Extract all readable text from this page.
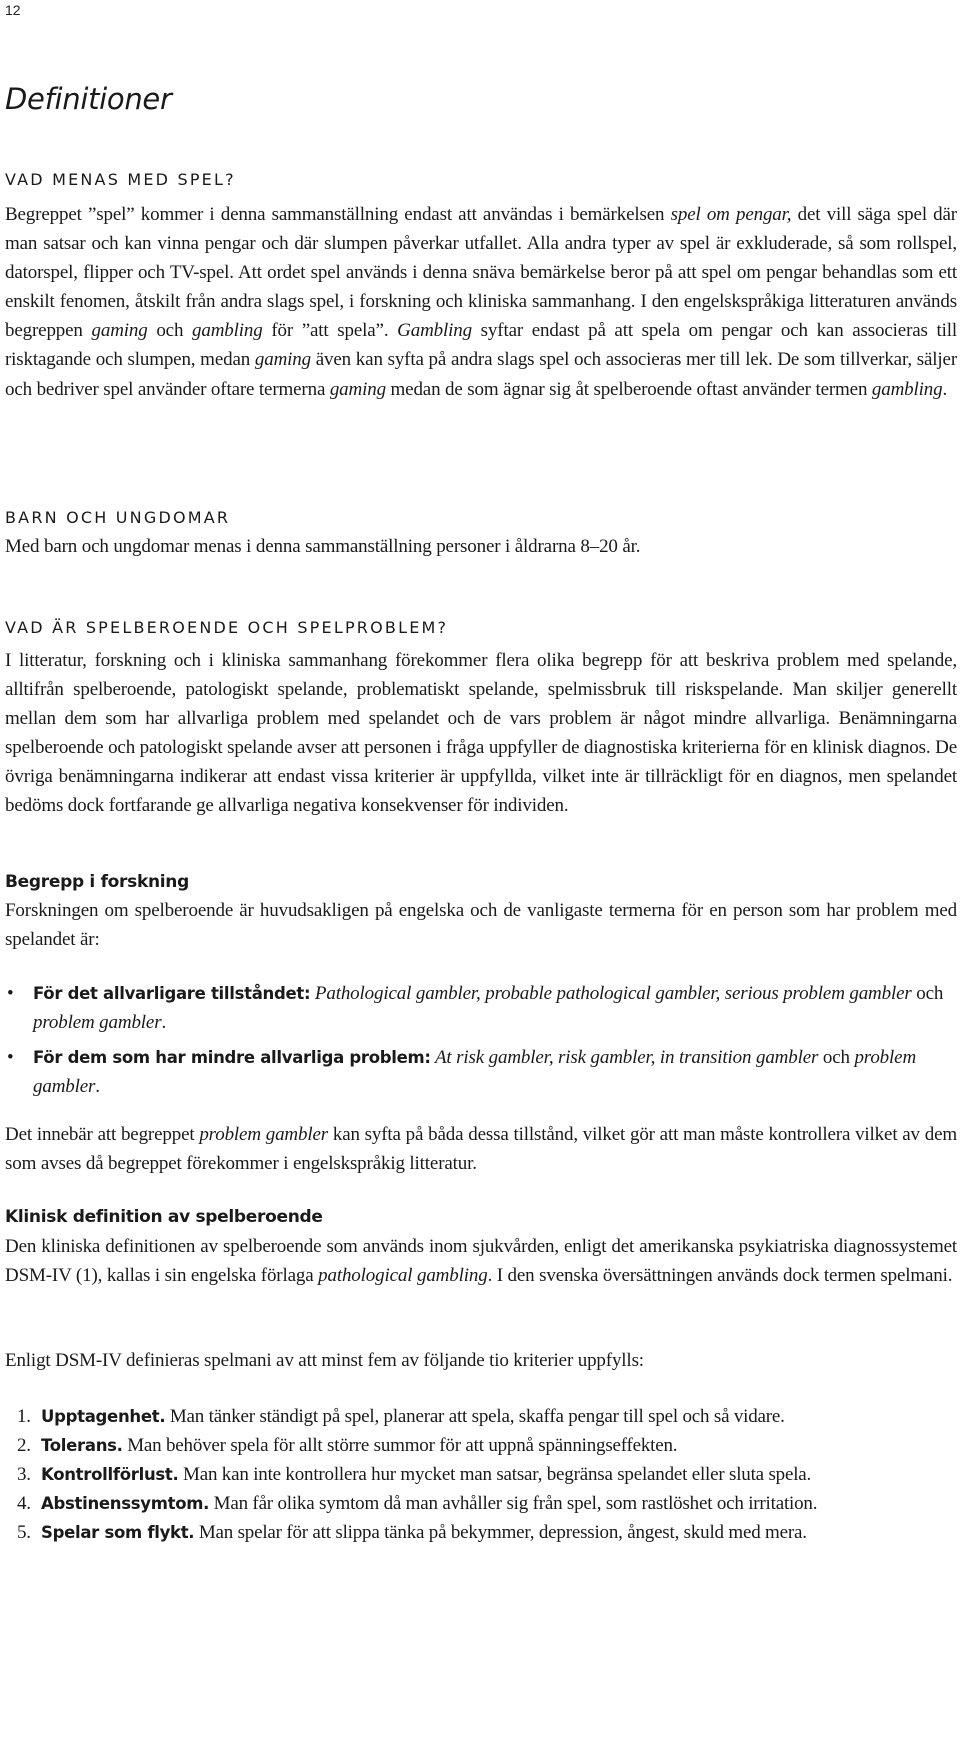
12
Definitioner
VAD MENAS MED SPEL?

Begreppet ”spel” kommer i denna sammanställning endast att användas i bemärkelsen spel om pengar, det vill säga spel där man satsar och kan vinna pengar och där slumpen påverkar utfallet. Alla andra typer av spel är exkluderade, så som rollspel, datorspel, flipper och TV-spel. Att ordet spel används i denna snäva bemärkelse beror på att spel om pengar behandlas som ett enskilt fenomen, åtskilt från andra slags spel, i forskning och kliniska sammanhang. I den engelskspråkiga litteraturen används begreppen gaming och gambling för ”att spela”. Gambling syftar endast på att spela om pengar och kan associeras till risktagande och slumpen, medan gaming även kan syfta på andra slags spel och associeras mer till lek. De som tillverkar, säljer och bedriver spel använder oftare termerna gaming medan de som ägnar sig åt spelberoende oftast använder termen gambling.

BARN OCH UNGDOMAR

Med barn och ungdomar menas i denna sammanställning personer i åldrarna 8–20 år.

VAD ÄR SPELBEROENDE OCH SPELPROBLEM?

I litteratur, forskning och i kliniska sammanhang förekommer flera olika begrepp för att beskriva problem med spelande, alltifrån spelberoende, patologiskt spelande, problematiskt spelande, spelmissbruk till riskspelande. Man skiljer generellt mellan dem som har allvarliga problem med spelandet och de vars problem är något mindre allvarliga. Benämningarna spelberoende och patologiskt spelande avser att personen i fråga uppfyller de diagnostiska kriterierna för en klinisk diagnos. De övriga benämningarna indikerar att endast vissa kriterier är uppfyllda, vilket inte är tillräckligt för en diagnos, men spelandet bedöms dock fortfarande ge allvarliga negativa konsekvenser för individen.

Begrepp i forskning

Forskningen om spelberoende är huvudsakligen på engelska och de vanligaste termerna för en person som har problem med spelandet är:

• För det allvarligare tillståndet: Pathological gambler, probable pathological gambler, serious problem gambler och problem gambler.
• För dem som har mindre allvarliga problem: At risk gambler, risk gambler, in transition gambler och problem gambler.

Det innebär att begreppet problem gambler kan syfta på båda dessa tillstånd, vilket gör att man måste kontrollera vilket av dem som avses då begreppet förekommer i engelskspråkig litteratur.

Klinisk definition av spelberoende

Den kliniska definitionen av spelberoende som används inom sjukvården, enligt det amerikanska psykiatriska diagnossystemet DSM-IV (1), kallas i sin engelska förlaga pathological gambling. I den svenska översättningen används dock termen spelmani.

Enligt DSM-IV definieras spelmani av att minst fem av följande tio kriterier uppfylls:

1. Upptagenhet. Man tänker ständigt på spel, planerar att spela, skaffa pengar till spel och så vidare.
2. Tolerans. Man behöver spela för allt större summor för att uppnå spänningseffekten.
3. Kontrollförlust. Man kan inte kontrollera hur mycket man satsar, begränsa spelandet eller sluta spela.
4. Abstinenssymtom. Man får olika symtom då man avhåller sig från spel, som rastlöshet och irritation.
5. Spelar som flykt. Man spelar för att slippa tänka på bekymmer, depression, ångest, skuld med mera.
